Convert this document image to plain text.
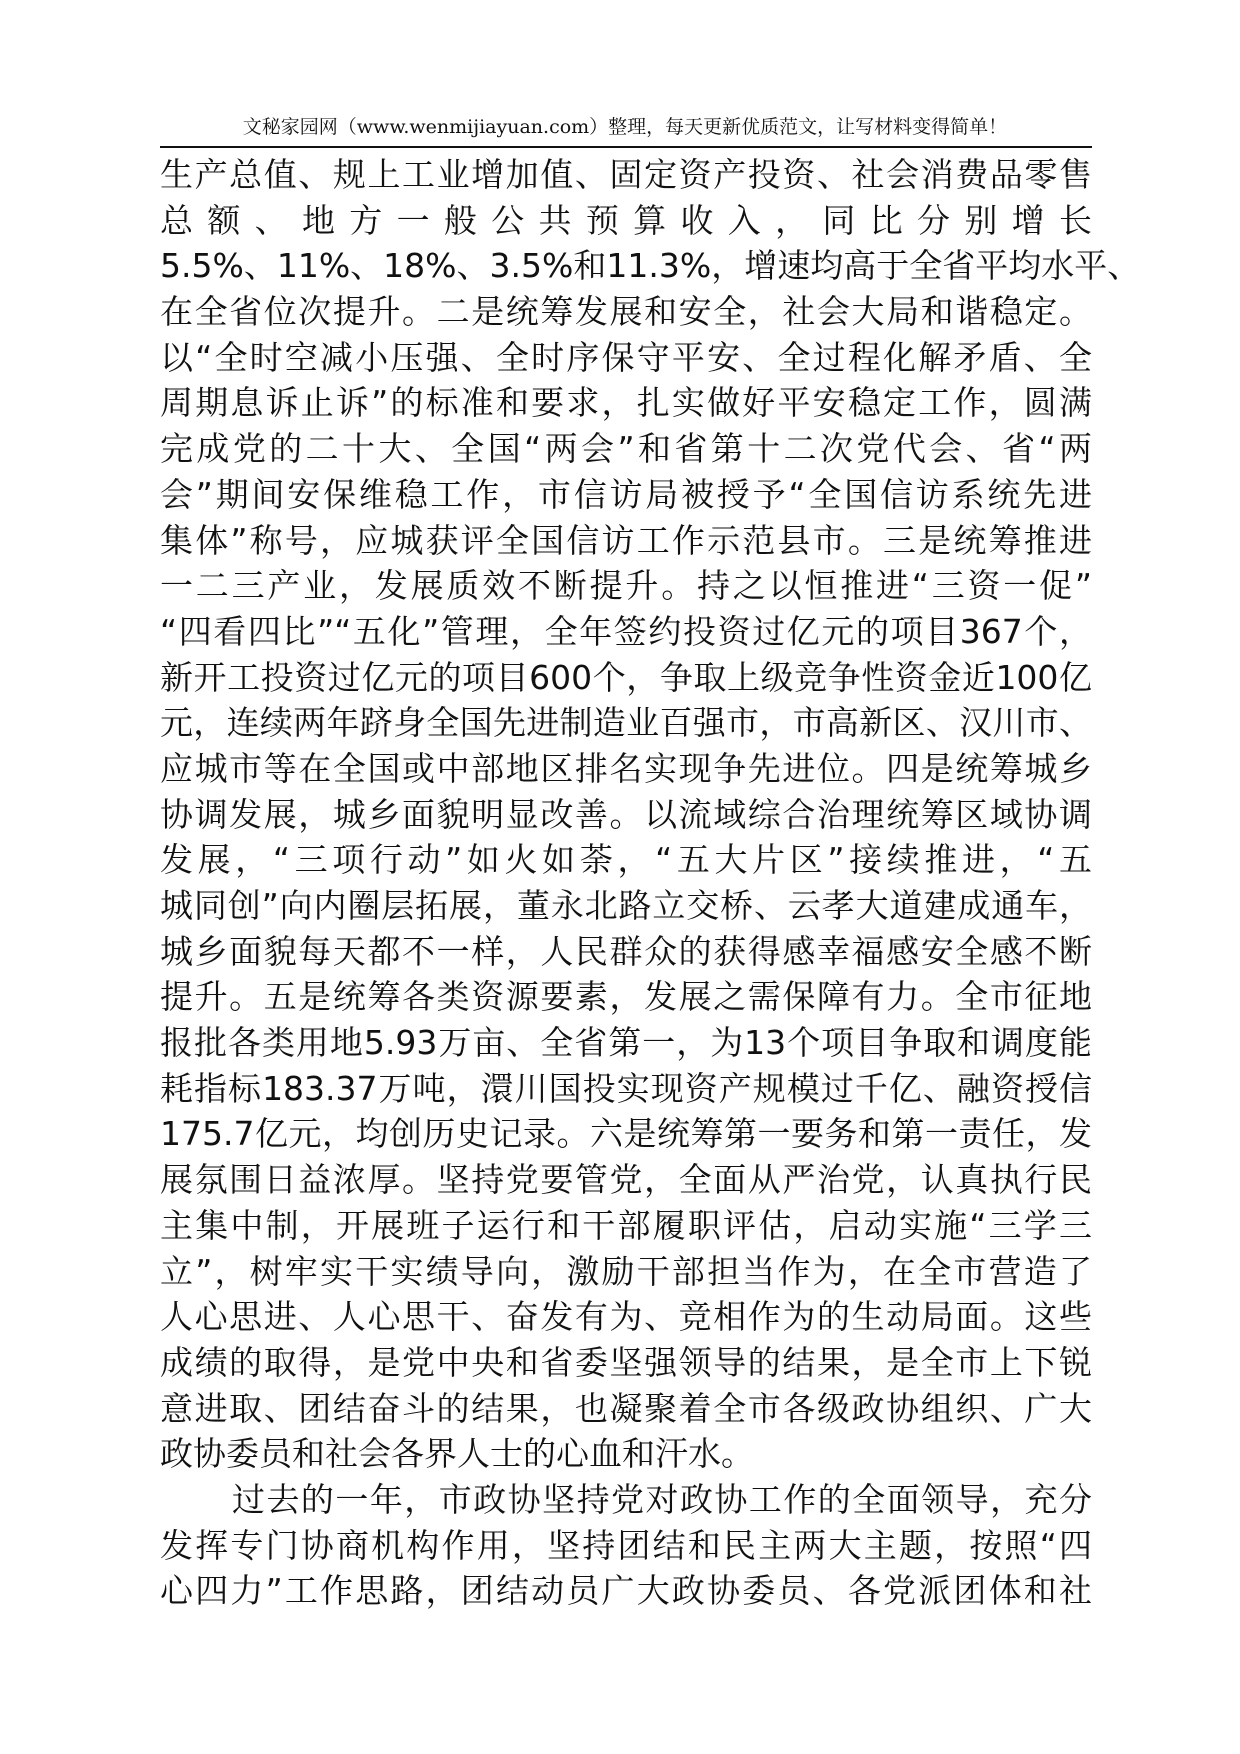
文秘家园网（www.wenmijiayuan.com）整理，每天更新优质范文，让写材料变得简单！
生产总值、规上工业增加值、固定资产投资、社会消费品零售
总额、地方一般公共预算收入，同比分别增长
5.5%、11%、18%、3.5%和11.3%，增速均高于全省平均水平、
在全省位次提升。二是统筹发展和安全，社会大局和谐稳定。
以“全时空减小压强、全时序保守平安、全过程化解矛盾、全
周期息诉止诉”的标准和要求，扎实做好平安稳定工作，圆满
完成党的二十大、全国“两会”和省第十二次党代会、省“两
会”期间安保维稳工作，市信访局被授予“全国信访系统先进
集体”称号，应城获评全国信访工作示范县市。三是统筹推进
一二三产业，发展质效不断提升。持之以恒推进“三资一促”
“四看四比”“五化”管理，全年签约投资过亿元的项目367个，
新开工投资过亿元的项目600个，争取上级竞争性资金近100亿
元，连续两年跻身全国先进制造业百强市，市高新区、汉川市、
应城市等在全国或中部地区排名实现争先进位。四是统筹城乡
协调发展，城乡面貌明显改善。以流域综合治理统筹区域协调
发展，“三项行动”如火如荼，“五大片区”接续推进，“五
城同创”向内圈层拓展，董永北路立交桥、云孝大道建成通车，
城乡面貌每天都不一样，人民群众的获得感幸福感安全感不断
提升。五是统筹各类资源要素，发展之需保障有力。全市征地
报批各类用地5.93万亩、全省第一，为13个项目争取和调度能
耗指标183.37万吨，澴川国投实现资产规模过千亿、融资授信
175.7亿元，均创历史记录。六是统筹第一要务和第一责任，发
展氛围日益浓厚。坚持党要管党，全面从严治党，认真执行民
主集中制，开展班子运行和干部履职评估，启动实施“三学三
立”，树牢实干实绩导向，激励干部担当作为，在全市营造了
人心思进、人心思干、奋发有为、竞相作为的生动局面。这些
成绩的取得，是党中央和省委坚强领导的结果，是全市上下锐
意进取、团结奋斗的结果，也凝聚着全市各级政协组织、广大
政协委员和社会各界人士的心血和汗水。
过去的一年，市政协坚持党对政协工作的全面领导，充分
发挥专门协商机构作用，坚持团结和民主两大主题，按照“四
心四力”工作思路，团结动员广大政协委员、各党派团体和社
